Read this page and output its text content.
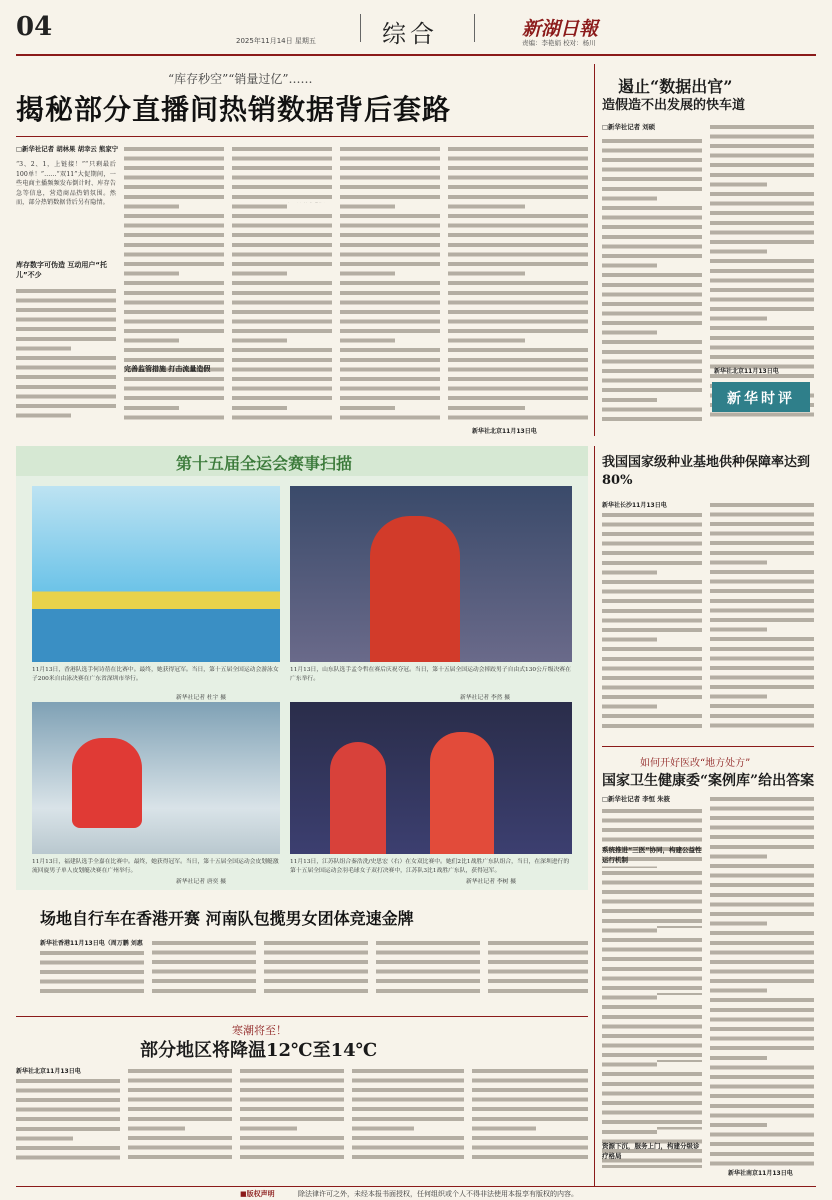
04	2025年11月14日 星期五	综合	新湖日報
责编：李艳娟 校对：杨川
“库存秒空”“销量过亿”……
揭秘部分直播间热销数据背后套路
□新华社记者 胡林果 胡幸云 熊家宁
“3、2、1，上链接！”“只剩最后100单！”……“双11”大促期间，一些电商主播频频发布倒计时、库存告急等信息，营造商品热销氛围。然而，部分热销数据背后另有隐情。
库存数字可伪造 互动用户“托儿”不少
完善监管措施 打击流量造假
新华社北京11月13日电
遏止“数据出官”
造假造不出发展的快车道
□新华社记者 刘硕
新华社北京11月13日电
新华时评
第十五届全运会赛事扫描
11月13日，香港队选手何诗蓓在比赛中。最终，她获得冠军。当日，第十五届全国运动会游泳女子200米自由泳决赛在广东省深圳市举行。
新华社记者 杜宇 摄
11月13日，山东队选手孟令哲在赛后庆祝夺冠。当日，第十五届全国运动会摔跤男子自由式130公斤级决赛在广东举行。
新华社记者 李然 摄
11月13日，福建队选手全嘉在比赛中。最终，她获得冠军。当日，第十五届全国运动会皮划艇激流回旋男子单人皮划艇决赛在广州举行。
新华社记者 唐奕 摄
11月13日，江苏队组合秦浩洗/史思宏（右）在女双比赛中。她们2比1战胜广东队组合，当日，在深圳进行的第十五届全国运动会羽毛球女子双打决赛中，江苏队3比1战胜广东队，获得冠军。
新华社记者 李树 摄
场地自行车在香港开赛 河南队包揽男女团体竞速金牌
新华社香港11月13日电（周万鹏 刘惠
寒潮将至！
部分地区将降温12℃至14℃
新华社北京11月13日电
我国国家级种业基地供种保障率达到80%
新华社长沙11月13日电
如何开好医改“地方处方”
国家卫生健康委“案例库”给出答案
□新华社记者 李恒 朱筱
系统推进“三医”协同，构建公益性运行机制
资源下沉，服务上门，构建分级诊疗格局
新华社南京11月13日电
■版权声明	除法律许可之外，未经本报书面授权，任何组织或个人不得非法使用本报享有版权的内容。
